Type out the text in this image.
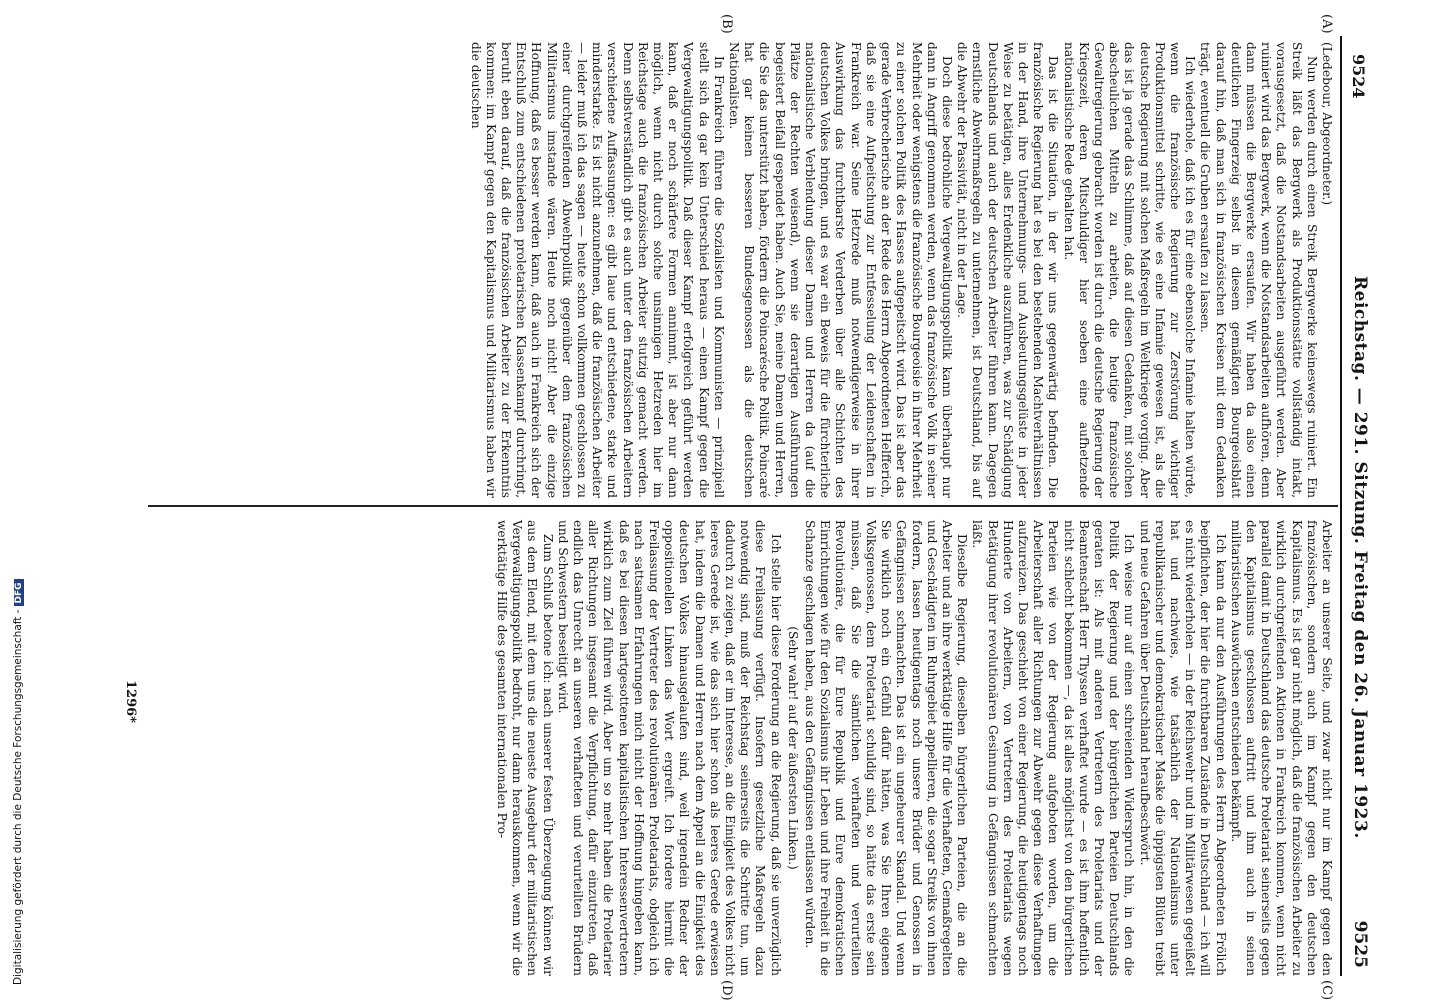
9524
Reichstag. — 291. Sitzung. Freitag den 26. Januar 1923.
9525
(A)
(B)
(C)
(D)

(Ledebour, Abgeordneter.)

Nun werden durch einen Streik Bergwerke keineswegs ruiniert. Ein Streik läßt das Bergwerk als Produktionsstätte vollständig intakt, vorausgesetzt, daß die Notstandsarbeiten ausgeführt werden. Aber ruiniert wird das Bergwerk, wenn die Notstandsarbeiten aufhören, denn dann müssen die Bergwerke ersaufen. Wir haben da also einen deutlichen Fingerzeig selbst in diesem gemäßigten Bourgeoisblatt darauf hin, daß man sich in französischen Kreisen mit dem Gedanken trägt, eventuell die Gruben ersaufen zu lassen.

Ich wiederhole, daß ich es für eine ebensolche Infamie halten würde, wenn die französische Regierung zur Zerstörung wichtiger Produktionsmittel schritte, wie es eine Infamie gewesen ist, als die deutsche Regierung mit solchen Maßregeln im Weltkriege vorging. Aber das ist ja gerade das Schlimme, daß auf diesen Gedanken, mit solchen abscheulichen Mitteln zu arbeiten, die heutige französische Gewaltregierung gebracht worden ist durch die deutsche Regierung der Kriegszeit, deren Mitschuldiger hier soeben eine aufhetzende nationalistische Rede gehalten hat.

Das ist die Situation, in der wir uns gegenwärtig befinden. Die französische Regierung hat es bei den bestehenden Machtverhältnissen in der Hand, ihre Unternehmungs- und Ausbeutungsgelüste in jeder Weise zu betätigen, alles Erdenkliche auszuführen, was zur Schädigung Deutschlands und auch der deutschen Arbeiter führen kann. Dagegen ernstliche Abwehrmaßregeln zu unternehmen, ist Deutschland, bis auf die Abwehr der Passivität, nicht in der Lage.

Doch diese bedrohliche Vergewaltigungspolitik kann überhaupt nur dann in Angriff genommen werden, wenn das französische Volk in seiner Mehrheit oder wenigstens die französische Bourgeoisie in ihrer Mehrheit zu einer solchen Politik des Hasses aufgepeitscht wird. Das ist aber das gerade Verbrecherische an der Rede des Herrn Abgeordneten Helfferich, daß sie eine Aufpeitschung zur Entfesselung der Leidenschaften in Frankreich war. Seine Hetzrede muß notwendigerweise in ihrer Auswirkung das furchtbarste Verderben über alle Schichten des deutschen Volkes bringen, und es war ein Beweis für die fürchterliche nationalistische Verblendung dieser Damen und Herren da (auf die Plätze der Rechten weisend), wenn sie derartigen Ausführungen begeistert Beifall gespendet haben. Auch Sie, meine Damen und Herren, die Sie das unterstützt haben, fördern die Poincarésche Politik. Poincaré hat gar keinen besseren Bundesgenossen als die deutschen Nationalisten.

In Frankreich führen die Sozialisten und Kommunisten — prinzipiell stellt sich da gar kein Unterschied heraus — einen Kampf gegen die Vergewaltigungspolitik. Daß dieser Kampf erfolgreich geführt werden kann, daß er noch schärfere Formen annimmt, ist aber nur dann möglich, wenn nicht durch solche unsinnigen Hetzreden hier im Reichstage auch die französischen Arbeiter stutzig gemacht werden. Denn selbstverständlich gibt es auch unter den französischen Arbeitern verschiedene Auffassungen: es gibt laue und entschiedene, starke und minderstarke. Es ist nicht anzunehmen, daß die französischen Arbeiter — leider muß ich das sagen — heute schon vollkommen geschlossen zu einer durchgreifenden Abwehrpolitik gegenüber dem französischen Militarismus imstande wären. Heute noch nicht! Aber die einzige Hoffnung, daß es besser werden kann, daß auch in Frankreich sich der Entschluß zum entschiedenen proletarischen Klassenkampf durchringt, beruht eben darauf, daß die französischen Arbeiter zu der Erkenntnis kommen: im Kampf gegen den Kapitalismus und Militarismus haben wir die deutschen

Arbeiter an unserer Seite, und zwar nicht nur im Kampf gegen den französischen, sondern auch im Kampf gegen den deutschen Kapitalismus. Es ist gar nicht möglich, daß die französischen Arbeiter zu wirklich durchgreifenden Aktionen in Frankreich kommen, wenn nicht parallel damit in Deutschland das deutsche Proletariat seinerseits gegen den Kapitalismus geschlossen auftritt und ihm auch in seinen militaristischen Auswüchsen entschieden bekämpft.

Ich kann da nur den Ausführungen des Herrn Abgeordneten Frölich beipflichten, der hier die furchtbaren Zustände in Deutschland — ich will es nicht wiederholen — in der Reichswehr und im Militärwesen gegeißelt hat und nachwies, wie tatsächlich der Nationalismus unter republikanischer und demokratischer Maske die üppigsten Blüten treibt und neue Gefahren über Deutschland heraufbeschwört.

Ich weise nur auf einen schreienden Widerspruch hin, in den die Politik der Regierung und der bürgerlichen Parteien Deutschlands geraten ist: Als mit anderen Vertretern des Proletariats und der Beamtenschaft Herr Thyssen verhaftet wurde — es ist ihm hoffentlich nicht schlecht bekommen —, da ist alles möglichst von den bürgerlichen Parteien wie von der Regierung aufgeboten worden, um die Arbeiterschaft aller Richtungen zur Abwehr gegen diese Verhaftungen aufzureizen. Das geschieht von einer Regierung, die heutigentags noch Hunderte von Arbeitern, von Vertretern des Proletariats wegen Betätigung ihrer revolutionären Gesinnung in Gefängnissen schmachten läßt.

Dieselbe Regierung, dieselben bürgerlichen Parteien, die an die Arbeiter und an ihre werktätige Hilfe für die Verhafteten, Gemaßregelten und Geschädigten im Ruhrgebiet appellieren, die sogar Streiks von ihnen fordern, lassen heutigentags noch unsere Brüder und Genossen in Gefängnissen schmachten. Das ist ein ungeheurer Skandal. Und wenn Sie wirklich noch ein Gefühl dafür hätten, was Sie Ihren eigenen Volksgenossen, dem Proletariat schuldig sind, so hätte das erste sein müssen, daß Sie die sämtlichen verhafteten und verurteilten Revolutionäre, die für Eure Republik und Eure demokratischen Einrichtungen wie für den Sozialismus ihr Leben und ihre Freiheit in die Schanze geschlagen haben, aus den Gefängnissen entlassen würden.

(Sehr wahr! auf der äußersten Linken.)

Ich stelle hier diese Forderung an die Regierung, daß sie unverzüglich diese Freilassung verfügt. Insofern gesetzliche Maßregeln dazu notwendig sind, muß der Reichstag seinerseits die Schritte tun, um dadurch zu zeigen, daß er im Interesse, an die Einigkeit des Volkes nicht leeres Gerede ist, wie das sich hier schon als leeres Gerede erwiesen hat, indem die Damen und Herren nach dem Appell an die Einigkeit des deutschen Volkes hinausgelaufen sind, weil irgendein Redner der oppositionellen Linken das Wort ergreift. Ich fordere hiermit die Freilassung der Vertreter des revolutionären Proletariats, obgleich ich nach sattsamen Erfahrungen mich nicht der Hoffnung hingeben kann, daß es bei diesen hartgesottenen kapitalistischen Interessenvertretern wirklich zum Ziel führen wird. Aber um so mehr haben die Proletarier aller Richtungen insgesamt die Verpflichtung, dafür einzutreten, daß endlich das Unrecht an unseren verhafteten und verurteilten Brüdern und Schwestern beseitigt wird.

Zum Schluß betone ich: nach unserer festen Überzeugung können wir aus dem Elend, mit dem uns die neueste Ausgeburt der militaristischen Vergewaltigungspolitik bedroht, nur dann herauskommen, wenn wir die werktätige Hilfe des gesamten internationalen Pro-

1296*
Digitalisierung gefördert durch die Deutsche Forschungsgemeinschaft -DFG
